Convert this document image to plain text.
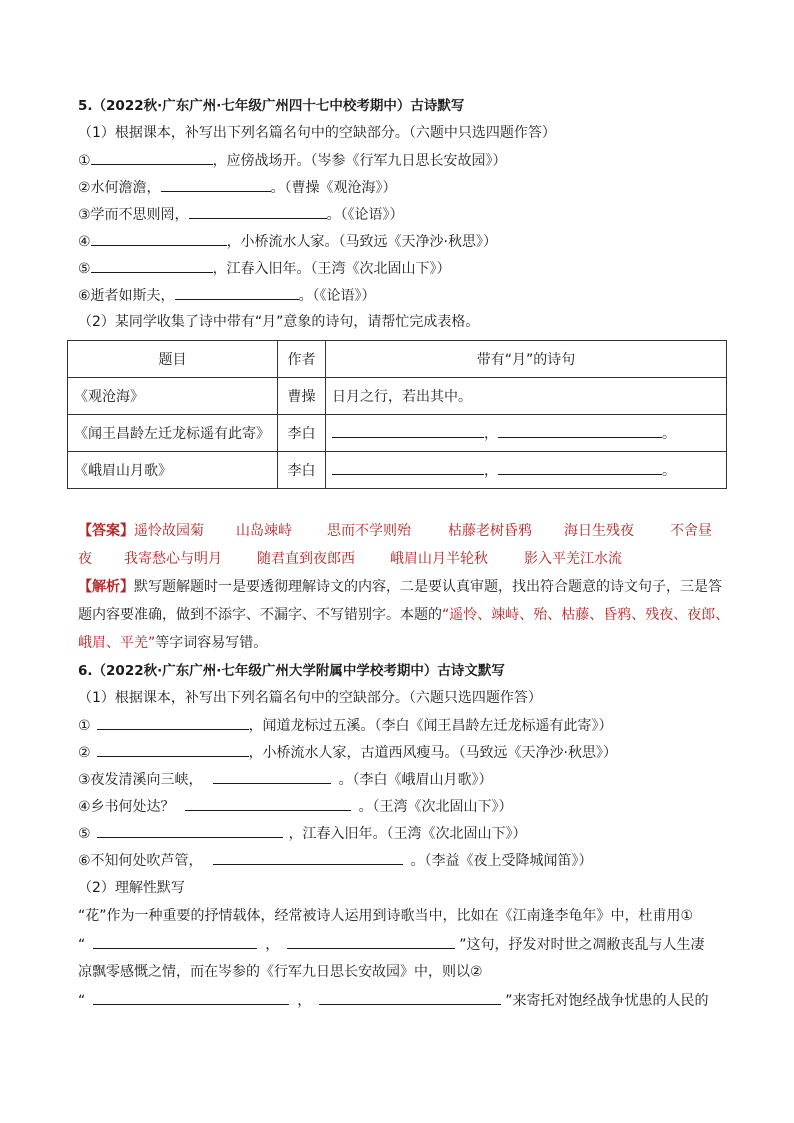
5.（2022秋·广东广州·七年级广州四十七中校考期中）古诗默写
（1）根据课本，补写出下列名篇名句中的空缺部分。（六题中只选四题作答）
①	，应傍战场开。（岑参《行军九日思长安故园》）
②水何澹澹，	。（曹操《观沧海》）
③学而不思则罔，	。（《论语》）
④	，小桥流水人家。（马致远《天净沙·秋思》）
⑤	，江春入旧年。（王湾《次北固山下》）
⑥逝者如斯夫，	。（《论语》）
（2）某同学收集了诗中带有“月”意象的诗句，请帮忙完成表格。
题目	作者	带有“月”的诗句
《观沧海》	曹操	日月之行，若出其中。
《闻王昌龄左迁龙标遥有此寄》	李白	， 。
《峨眉山月歌》	李白	， 。
【答案】遥怜故园菊 山岛竦峙	思而不学则殆	枯藤老树昏鸦 海日生残夜	不舍昼
夜 我寄愁心与明月	随君直到夜郎西	峨眉山月半轮秋	影入平羌江水流
【解析】默写题解题时一是要透彻理解诗文的内容，二是要认真审题，找出符合题意的诗文句子，三是答
题内容要准确，做到不添字、不漏字、不写错别字。本题的“遥怜、竦峙、殆、枯藤、昏鸦、残夜、夜郎、
峨眉、平羌”等字词容易写错。
6.（2022秋·广东广州·七年级广州大学附属中学校考期中）古诗文默写
（1）根据课本，补写出下列名篇名句中的空缺部分。（六题只选四题作答）
①	，闻道龙标过五溪。（李白《闻王昌龄左迁龙标遥有此寄》）
②	，小桥流水人家，古道西风瘦马。（马致远《天净沙·秋思》）
③夜发清溪向三峡，	。（李白《峨眉山月歌》）
④乡书何处达？	。（王湾《次北固山下》）
⑤	，江春入旧年。（王湾《次北固山下》）
⑥不知何处吹芦管，	。（李益《夜上受降城闻笛》）
（2）理解性默写
“花”作为一种重要的抒情载体，经常被诗人运用到诗歌当中，比如在《江南逢李龟年》中，杜甫用①
“	，	”这句，抒发对时世之凋敝丧乱与人生凄
凉飘零感慨之情，而在岑参的《行军九日思长安故园》中，则以②
“	，	”来寄托对饱经战争忧患的人民的
